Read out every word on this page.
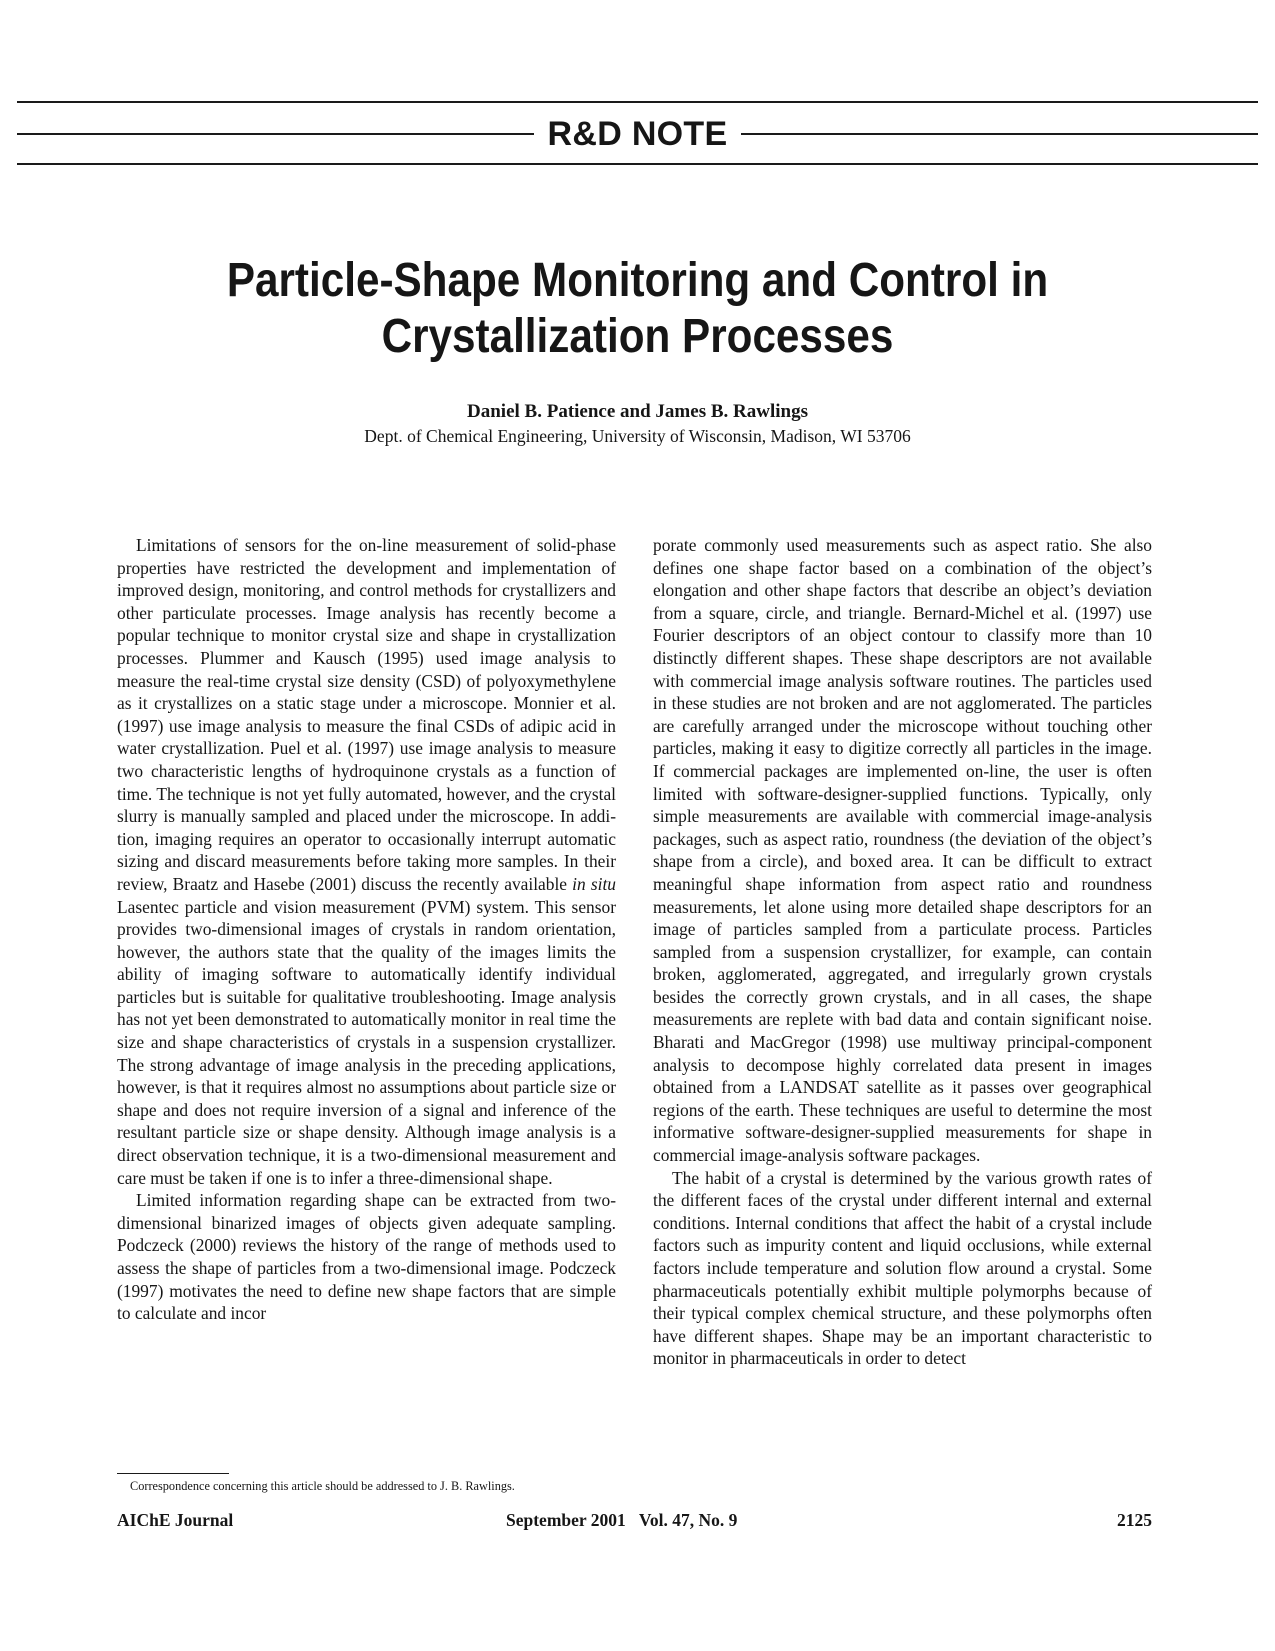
R&D NOTE
Particle-Shape Monitoring and Control in
Crystallization Processes
Daniel B. Patience and James B. Rawlings
Dept. of Chemical Engineering, University of Wisconsin, Madison, WI 53706

Limitations of sensors for the on-line measurement of solid-phase properties have restricted the development and implementation of improved design, monitoring, and control methods for crystallizers and other particulate processes. Image analysis has recently become a popular technique to monitor crystal size and shape in crystallization processes. Plummer and Kausch (1995) used image analysis to measure the real-time crystal size density (CSD) of polyoxymethylene as it crystallizes on a static stage under a microscope. Monnier et al. (1997) use image analysis to measure the final CSDs of adipic acid in water crystallization. Puel et al. (1997) use image analysis to measure two characteristic lengths of hydroquinone crystals as a function of time. The technique is not yet fully automated, however, and the crystal slurry is manually sampled and placed under the microscope. In addition, imaging requires an operator to occasionally interrupt automatic sizing and discard measurements before taking more samples. In their review, Braatz and Hasebe (2001) discuss the recently available in situ Lasentec particle and vision measurement (PVM) system. This sensor provides two-dimensional images of crystals in random orientation, however, the authors state that the quality of the images limits the ability of imaging software to automatically identify individual particles but is suitable for qualitative troubleshooting. Image analysis has not yet been demonstrated to automatically monitor in real time the size and shape characteristics of crystals in a suspension crystallizer. The strong advantage of image analysis in the preceding applications, however, is that it requires almost no assumptions about particle size or shape and does not require inversion of a signal and inference of the resultant particle size or shape density. Although image analysis is a direct observation technique, it is a two-dimensional measurement and care must be taken if one is to infer a three-dimensional shape.

Limited information regarding shape can be extracted from two-dimensional binarized images of objects given adequate sampling. Podczeck (2000) reviews the history of the range of methods used to assess the shape of particles from a two-dimensional image. Podczeck (1997) motivates the need to define new shape factors that are simple to calculate and incor

porate commonly used measurements such as aspect ratio. She also defines one shape factor based on a combination of the object’s elongation and other shape factors that describe an object’s deviation from a square, circle, and triangle. Bernard-Michel et al. (1997) use Fourier descriptors of an object contour to classify more than 10 distinctly different shapes. These shape descriptors are not available with commercial image analysis software routines. The particles used in these studies are not broken and are not agglomerated. The particles are carefully arranged under the microscope without touching other particles, making it easy to digitize correctly all particles in the image. If commercial packages are implemented on-line, the user is often limited with software-designer-supplied functions. Typically, only simple measurements are available with commercial image-analysis packages, such as aspect ratio, roundness (the deviation of the object’s shape from a circle), and boxed area. It can be difficult to extract meaningful shape information from aspect ratio and roundness measurements, let alone using more detailed shape descriptors for an image of particles sampled from a particulate process. Particles sampled from a suspension crystallizer, for example, can contain broken, agglomerated, aggregated, and irregularly grown crystals besides the correctly grown crystals, and in all cases, the shape measurements are replete with bad data and contain significant noise. Bharati and MacGregor (1998) use multiway principal-component analysis to decompose highly correlated data present in images obtained from a LANDSAT satellite as it passes over geographical regions of the earth. These techniques are useful to determine the most informative software-designer-supplied measurements for shape in commercial image-analysis software packages.

The habit of a crystal is determined by the various growth rates of the different faces of the crystal under different internal and external conditions. Internal conditions that affect the habit of a crystal include factors such as impurity content and liquid occlusions, while external factors include temperature and solution flow around a crystal. Some pharmaceuticals potentially exhibit multiple polymorphs because of their typical complex chemical structure, and these polymorphs often have different shapes. Shape may be an important characteristic to monitor in pharmaceuticals in order to detect

Correspondence concerning this article should be addressed to J. B. Rawlings.
AIChE Journal	September 2001   Vol. 47, No. 9	2125
